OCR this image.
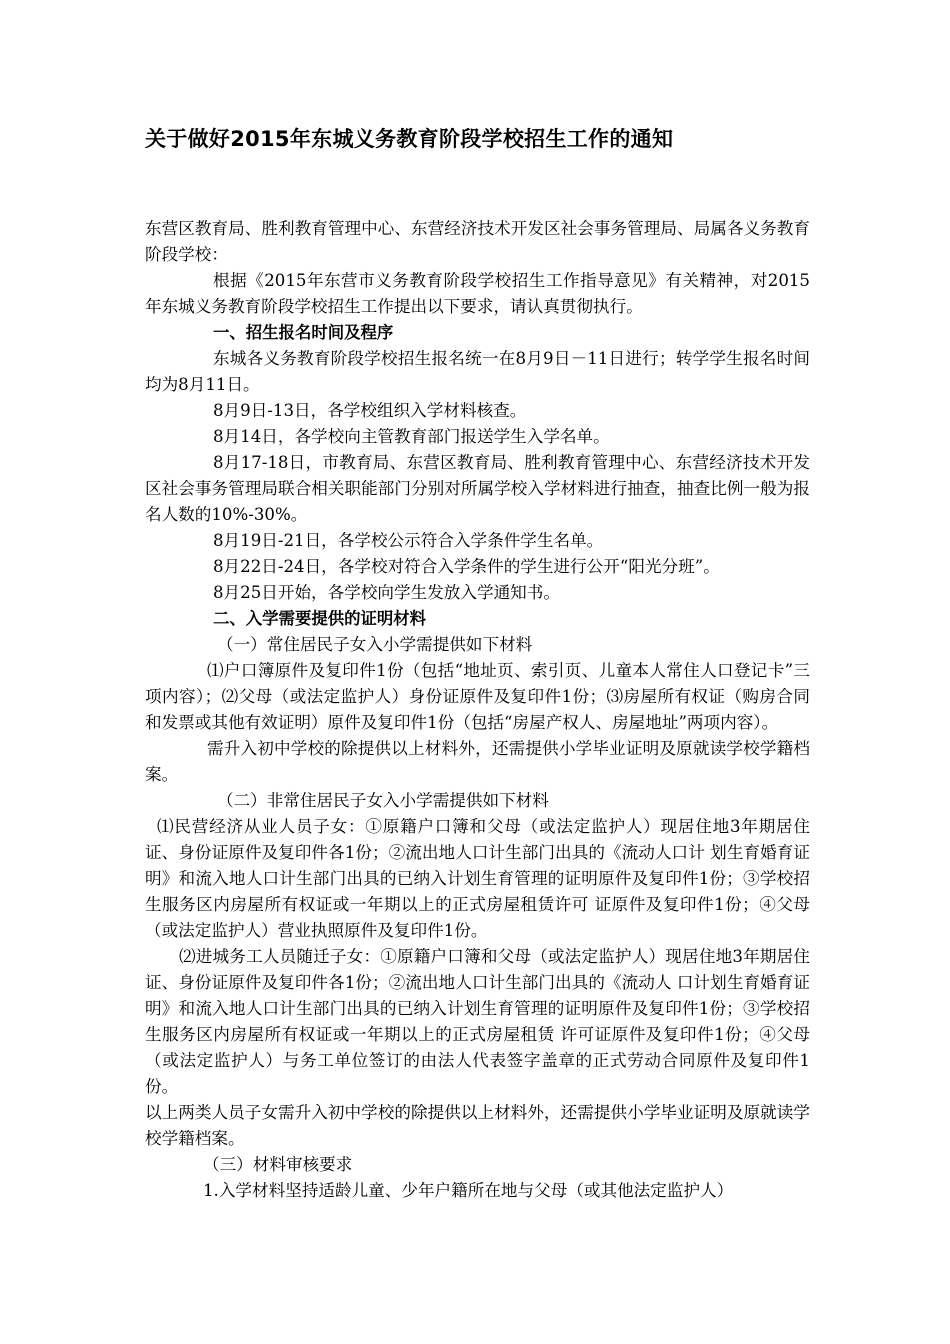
关于做好2015年东城义务教育阶段学校招生工作的通知

东营区教育局、胜利教育管理中心、东营经济技术开发区社会事务管理局、局属各义务教育阶段学校：

根据《2015年东营市义务教育阶段学校招生工作指导意见》有关精神，对2015年东城义务教育阶段学校招生工作提出以下要求，请认真贯彻执行。

一、招生报名时间及程序

东城各义务教育阶段学校招生报名统一在8月9日－11日进行；转学学生报名时间均为8月11日。

8月9日-13日，各学校组织入学材料核查。

8月14日，各学校向主管教育部门报送学生入学名单。

8月17-18日，市教育局、东营区教育局、胜利教育管理中心、东营经济技术开发区社会事务管理局联合相关职能部门分别对所属学校入学材料进行抽查，抽查比例一般为报名人数的10%-30%。

8月19日-21日，各学校公示符合入学条件学生名单。

8月22日-24日，各学校对符合入学条件的学生进行公开“阳光分班”。

8月25日开始，各学校向学生发放入学通知书。

二、入学需要提供的证明材料

（一）常住居民子女入小学需提供如下材料

⑴户口簿原件及复印件1份（包括“地址页、索引页、儿童本人常住人口登记卡”三项内容）；⑵父母（或法定监护人）身份证原件及复印件1份；⑶房屋所有权证（购房合同和发票或其他有效证明）原件及复印件1份（包括“房屋产权人、房屋地址”两项内容）。

需升入初中学校的除提供以上材料外，还需提供小学毕业证明及原就读学校学籍档案。

（二）非常住居民子女入小学需提供如下材料

⑴民营经济从业人员子女：①原籍户口簿和父母（或法定监护人）现居住地3年期居住证、身份证原件及复印件各1份；②流出地人口计生部门出具的《流动人口计 划生育婚育证明》和流入地人口计生部门出具的已纳入计划生育管理的证明原件及复印件1份；③学校招生服务区内房屋所有权证或一年期以上的正式房屋租赁许可 证原件及复印件1份；④父母（或法定监护人）营业执照原件及复印件1份。

⑵进城务工人员随迁子女：①原籍户口簿和父母（或法定监护人）现居住地3年期居住证、身份证原件及复印件各1份；②流出地人口计生部门出具的《流动人 口计划生育婚育证明》和流入地人口计生部门出具的已纳入计划生育管理的证明原件及复印件1份；③学校招生服务区内房屋所有权证或一年期以上的正式房屋租赁 许可证原件及复印件1份；④父母（或法定监护人）与务工单位签订的由法人代表签字盖章的正式劳动合同原件及复印件1份。

以上两类人员子女需升入初中学校的除提供以上材料外，还需提供小学毕业证明及原就读学校学籍档案。

（三）材料审核要求

1.入学材料坚持适龄儿童、少年户籍所在地与父母（或其他法定监护人）
